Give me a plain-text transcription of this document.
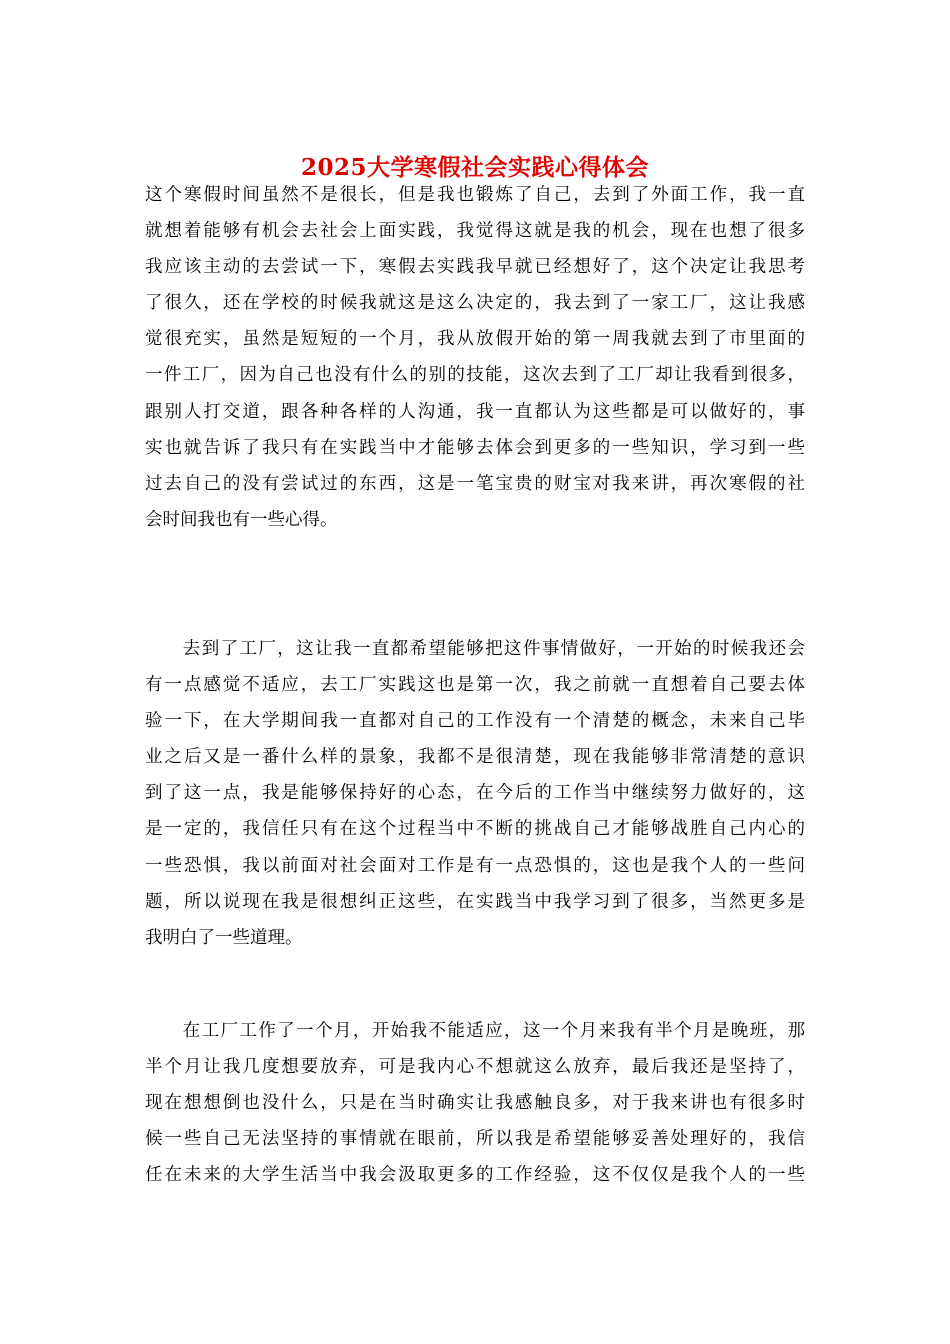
2025大学寒假社会实践心得体会
这个寒假时间虽然不是很长，但是我也锻炼了自己，去到了外面工作，我一直
就想着能够有机会去社会上面实践，我觉得这就是我的机会，现在也想了很多
我应该主动的去尝试一下，寒假去实践我早就已经想好了，这个决定让我思考
了很久，还在学校的时候我就这是这么决定的，我去到了一家工厂，这让我感
觉很充实，虽然是短短的一个月，我从放假开始的第一周我就去到了市里面的
一件工厂，因为自己也没有什么的别的技能，这次去到了工厂却让我看到很多，
跟别人打交道，跟各种各样的人沟通，我一直都认为这些都是可以做好的，事
实也就告诉了我只有在实践当中才能够去体会到更多的一些知识，学习到一些
过去自己的没有尝试过的东西，这是一笔宝贵的财宝对我来讲，再次寒假的社
会时间我也有一些心得。
　　去到了工厂，这让我一直都希望能够把这件事情做好，一开始的时候我还会
有一点感觉不适应，去工厂实践这也是第一次，我之前就一直想着自己要去体
验一下，在大学期间我一直都对自己的工作没有一个清楚的概念，未来自己毕
业之后又是一番什么样的景象，我都不是很清楚，现在我能够非常清楚的意识
到了这一点，我是能够保持好的心态，在今后的工作当中继续努力做好的，这
是一定的，我信任只有在这个过程当中不断的挑战自己才能够战胜自己内心的
一些恐惧，我以前面对社会面对工作是有一点恐惧的，这也是我个人的一些问
题，所以说现在我是很想纠正这些，在实践当中我学习到了很多，当然更多是
我明白了一些道理。
　　在工厂工作了一个月，开始我不能适应，这一个月来我有半个月是晚班，那
半个月让我几度想要放弃，可是我内心不想就这么放弃，最后我还是坚持了，
现在想想倒也没什么，只是在当时确实让我感触良多，对于我来讲也有很多时
候一些自己无法坚持的事情就在眼前，所以我是希望能够妥善处理好的，我信
任在未来的大学生活当中我会汲取更多的工作经验，这不仅仅是我个人的一些
